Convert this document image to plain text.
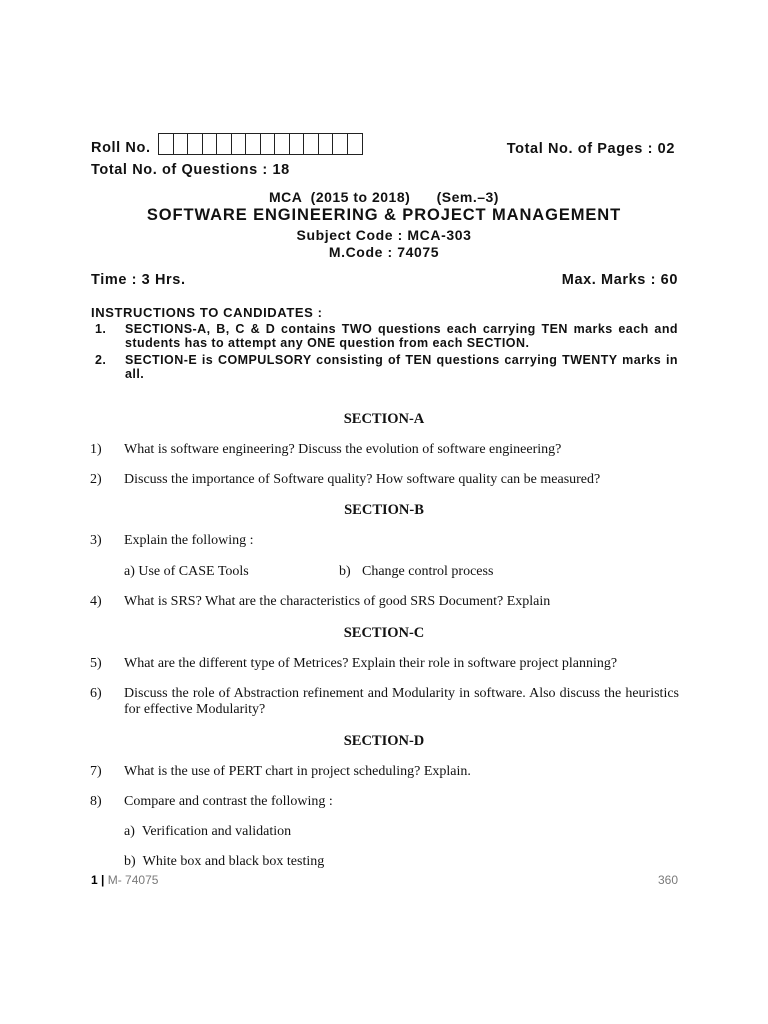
Roll No.	Total No. of Pages : 02
Total No. of Questions : 18
MCA  (2015 to 2018)      (Sem.–3)
SOFTWARE ENGINEERING & PROJECT MANAGEMENT
Subject Code : MCA-303
M.Code : 74075
Time : 3 Hrs.	Max. Marks : 60
INSTRUCTIONS TO CANDIDATES :
1.	SECTIONS-A, B, C & D contains TWO questions each carrying TEN marks each and students has to attempt any ONE question from each SECTION.
2.	SECTION-E is COMPULSORY consisting of TEN questions carrying TWENTY marks in all.
SECTION-A
1)	What is software engineering? Discuss the evolution of software engineering?
2)	Discuss the importance of Software quality? How software quality can be measured?
SECTION-B
3)	Explain the following :
a) Use of CASE Tools	b) Change control process
4)	What is SRS? What are the characteristics of good SRS Document? Explain
SECTION-C
5)	What are the different type of Metrices? Explain their role in software project planning?
6)	Discuss the role of Abstraction refinement and Modularity in software. Also discuss the heuristics for effective Modularity?
SECTION-D
7)	What is the use of PERT chart in project scheduling? Explain.
8)	Compare and contrast the following :
a)  Verification and validation
b)  White box and black box testing
1 | M- 74075	360
